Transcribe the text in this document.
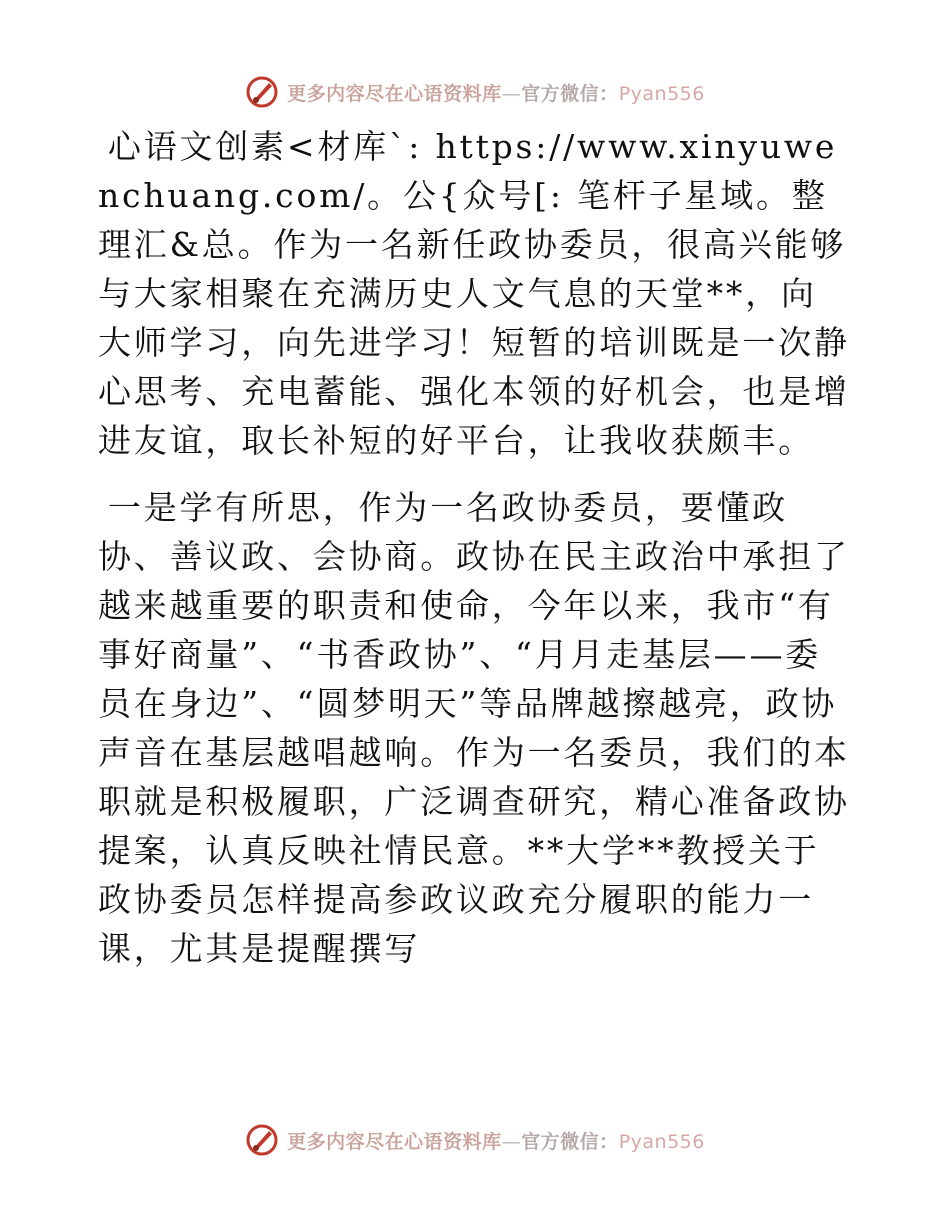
更多内容尽在心语资料库—官方微信：Pyan556

心语文创素<材库`: https://www.xinyuwenchuang.com/。公{众号[: 笔杆子星域。整理汇&总。作为一名新任政协委员，很高兴能够与大家相聚在充满历史人文气息的天堂**，向大师学习，向先进学习！短暂的培训既是一次静心思考、充电蓄能、强化本领的好机会，也是增进友谊，取长补短的好平台，让我收获颇丰。

一是学有所思，作为一名政协委员，要懂政协、善议政、会协商。政协在民主政治中承担了越来越重要的职责和使命，今年以来，我市“有事好商量”、“书香政协”、“月月走基层——委员在身边”、“圆梦明天”等品牌越擦越亮，政协声音在基层越唱越响。作为一名委员，我们的本职就是积极履职，广泛调查研究，精心准备政协提案，认真反映社情民意。**大学**教授关于政协委员怎样提高参政议政充分履职的能力一课，尤其是提醒撰写

更多内容尽在心语资料库—官方微信：Pyan556
